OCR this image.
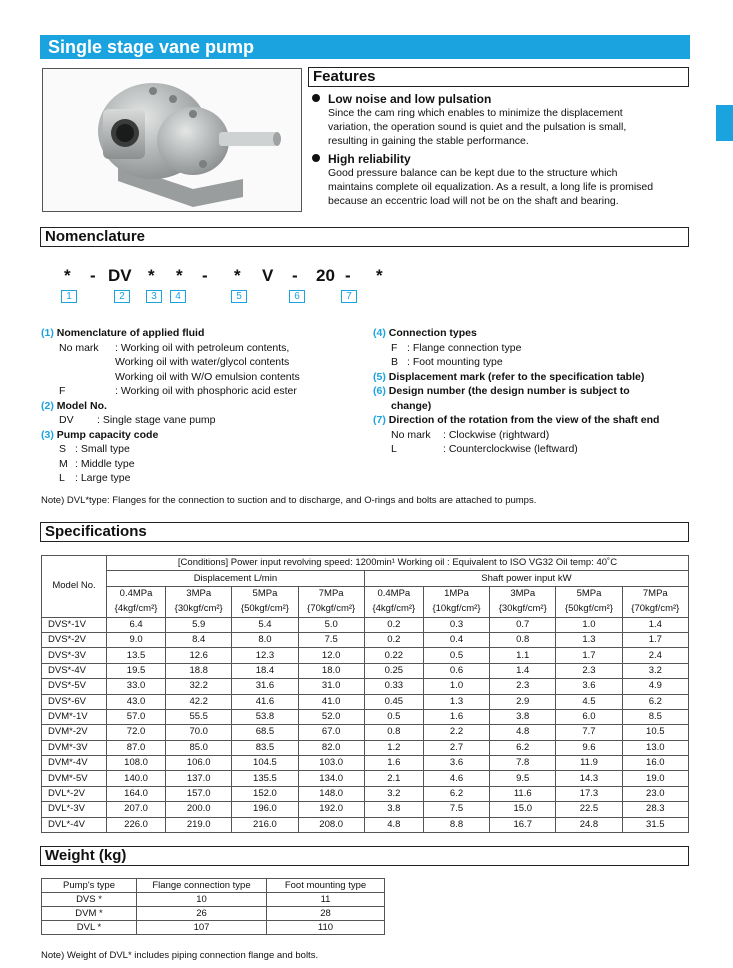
Single stage vane pump
Features
Low noise and low pulsation
Since the cam ring which enables to minimize the displacement
variation, the operation sound is quiet and the pulsation is small,
resulting in gaining the stable performance.
High reliability
Good pressure balance can be kept due to the structure which
maintains complete oil equalization. As a result, a long life is promised
because an eccentric load will not be on the shaft and bearing.
Nomenclature
* - DV * * - * V - 20 - *
1	2	3	4	5	6	7
(1) Nomenclature of applied fluid
No mark : Working oil with petroleum contents,
Working oil with water/glycol contents
Working oil with W/O emulsion contents
F	: Working oil with phosphoric acid ester
(2) Model No.
DV : Single stage vane pump
(3) Pump capacity code
S : Small type
M : Middle type
L : Large type
(4) Connection types
F : Flange connection type
B : Foot mounting type
(5) Displacement mark (refer to the specification table)
(6) Design number (the design number is subject to
change)
(7) Direction of the rotation from the view of the shaft end
No mark : Clockwise (rightward)
L	: Counterclockwise (leftward)
Note) DVL*type: Flanges for the connection to suction and to discharge, and O-rings and bolts are attached to pumps.
Specifications
Model No.	[Conditions] Power input revolving speed: 1200min¹ Working oil : Equivalent to ISO VG32 Oil temp: 40˚C								
	Displacement L/min				Shaft power input kW				
	0.4MPa	3MPa	5MPa	7MPa	0.4MPa	1MPa	3MPa	5MPa	7MPa
	{4kgf/cm²}	{30kgf/cm²}	{50kgf/cm²}	{70kgf/cm²}	{4kgf/cm²}	{10kgf/cm²}	{30kgf/cm²}	{50kgf/cm²}	{70kgf/cm²}
DVS*-1V	6.4	5.9	5.4	5.0	0.2	0.3	0.7	1.0	1.4
DVS*-2V	9.0	8.4	8.0	7.5	0.2	0.4	0.8	1.3	1.7
DVS*-3V	13.5	12.6	12.3	12.0	0.22	0.5	1.1	1.7	2.4
DVS*-4V	19.5	18.8	18.4	18.0	0.25	0.6	1.4	2.3	3.2
DVS*-5V	33.0	32.2	31.6	31.0	0.33	1.0	2.3	3.6	4.9
DVS*-6V	43.0	42.2	41.6	41.0	0.45	1.3	2.9	4.5	6.2
DVM*-1V	57.0	55.5	53.8	52.0	0.5	1.6	3.8	6.0	8.5
DVM*-2V	72.0	70.0	68.5	67.0	0.8	2.2	4.8	7.7	10.5
DVM*-3V	87.0	85.0	83.5	82.0	1.2	2.7	6.2	9.6	13.0
DVM*-4V	108.0	106.0	104.5	103.0	1.6	3.6	7.8	11.9	16.0
DVM*-5V	140.0	137.0	135.5	134.0	2.1	4.6	9.5	14.3	19.0
DVL*-2V	164.0	157.0	152.0	148.0	3.2	6.2	11.6	17.3	23.0
DVL*-3V	207.0	200.0	196.0	192.0	3.8	7.5	15.0	22.5	28.3
DVL*-4V	226.0	219.0	216.0	208.0	4.8	8.8	16.7	24.8	31.5
Weight (kg)
Pump's type	Flange connection type	Foot mounting type
DVS *	10	11
DVM *	26	28
DVL *	107	110
Note) Weight of DVL* includes piping connection flange and bolts.
